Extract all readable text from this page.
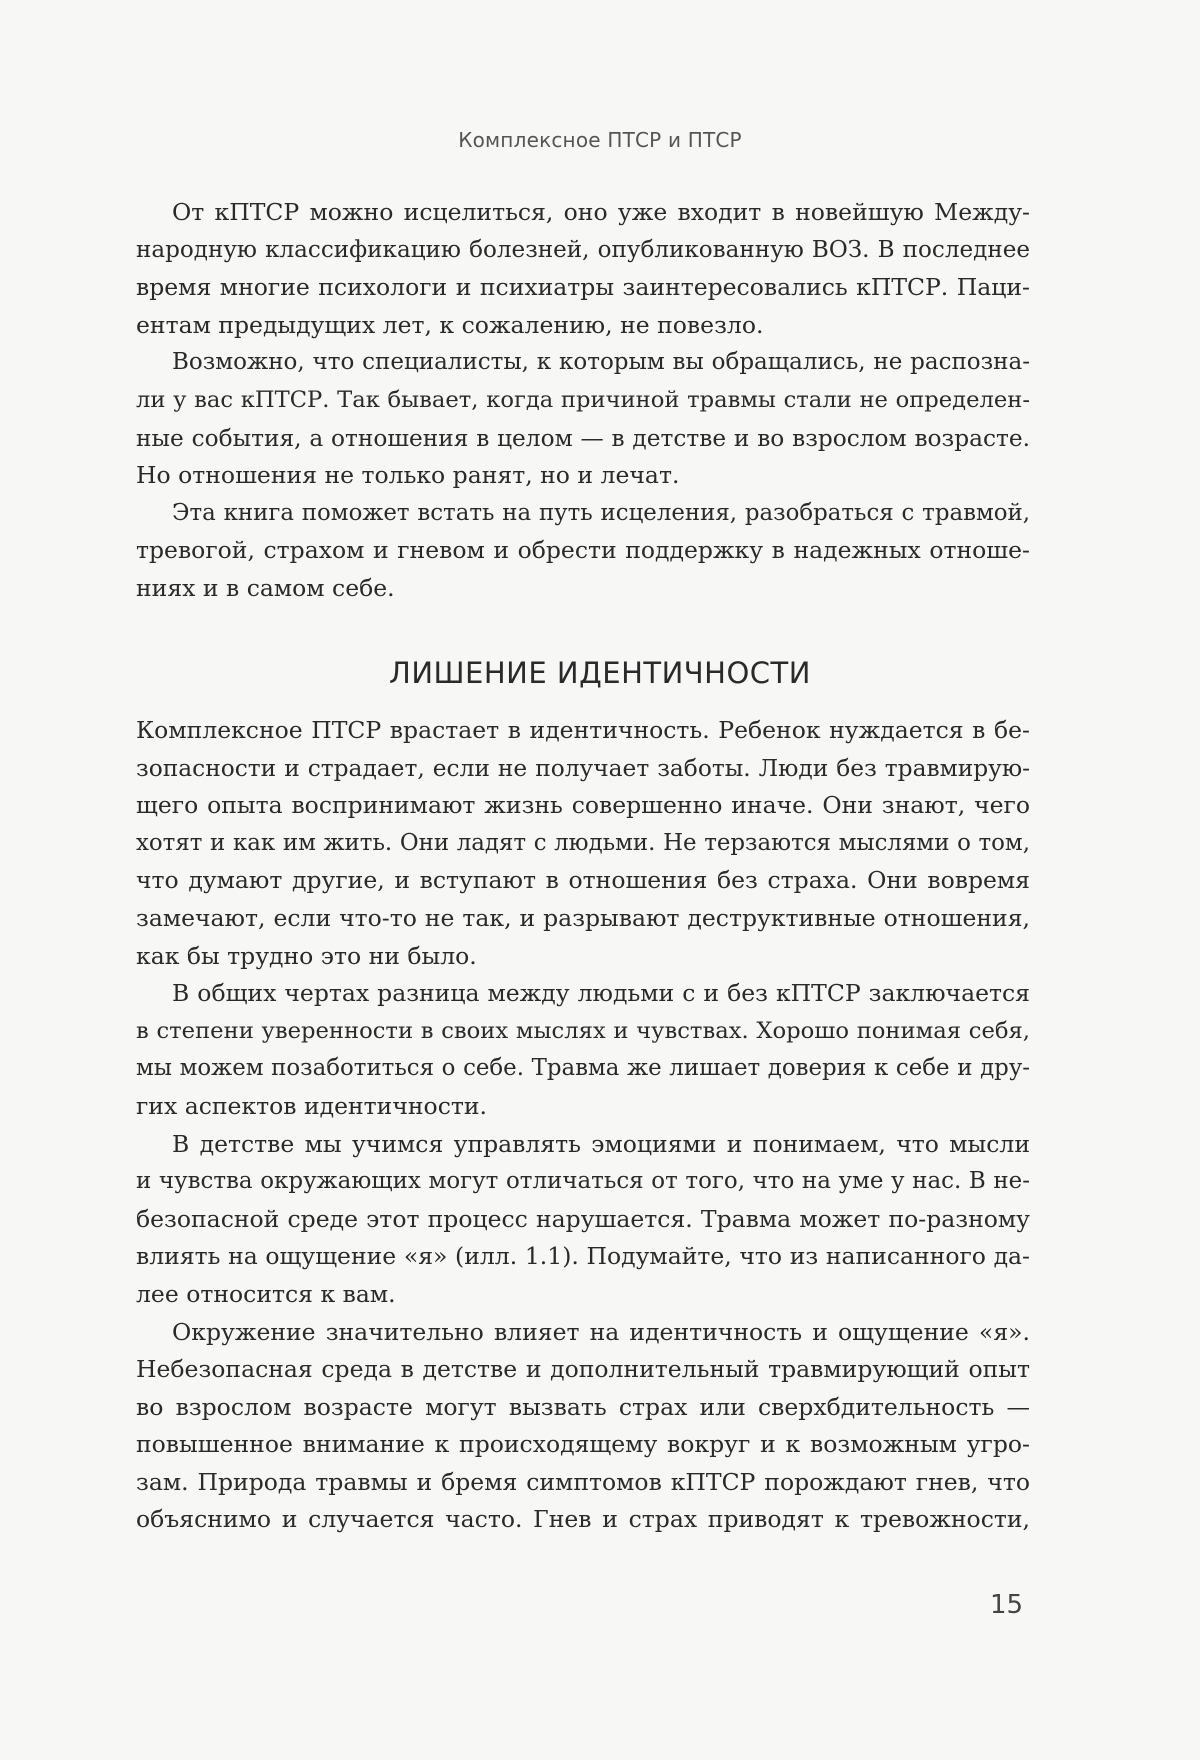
Комплексное ПТСР и ПТСР
От кПТСР можно исцелиться, оно уже входит в новейшую Между-
народную классификацию болезней, опубликованную ВОЗ. В последнее
время многие психологи и психиатры заинтересовались кПТСР. Паци-
ентам предыдущих лет, к сожалению, не повезло.
Возможно, что специалисты, к которым вы обращались, не распозна-
ли у вас кПТСР. Так бывает, когда причиной травмы стали не определен-
ные события, а отношения в целом — в детстве и во взрослом возрасте.
Но отношения не только ранят, но и лечат.
Эта книга поможет встать на путь исцеления, разобраться с травмой,
тревогой, страхом и гневом и обрести поддержку в надежных отноше-
ниях и в самом себе.
ЛИШЕНИЕ ИДЕНТИЧНОСТИ
Комплексное ПТСР врастает в идентичность. Ребенок нуждается в бе-
зопасности и страдает, если не получает заботы. Люди без травмирую-
щего опыта воспринимают жизнь совершенно иначе. Они знают, чего
хотят и как им жить. Они ладят с людьми. Не терзаются мыслями о том,
что думают другие, и вступают в отношения без страха. Они вовремя
замечают, если что-то не так, и разрывают деструктивные отношения,
как бы трудно это ни было.
В общих чертах разница между людьми с и без кПТСР заключается
в степени уверенности в своих мыслях и чувствах. Хорошо понимая себя,
мы можем позаботиться о себе. Травма же лишает доверия к себе и дру-
гих аспектов идентичности.
В детстве мы учимся управлять эмоциями и понимаем, что мысли
и чувства окружающих могут отличаться от того, что на уме у нас. В не-
безопасной среде этот процесс нарушается. Травма может по-разному
влиять на ощущение «я» (илл. 1.1). Подумайте, что из написанного да-
лее относится к вам.
Окружение значительно влияет на идентичность и ощущение «я».
Небезопасная среда в детстве и дополнительный травмирующий опыт
во взрослом возрасте могут вызвать страх или сверхбдительность —
повышенное внимание к происходящему вокруг и к возможным угро-
зам. Природа травмы и бремя симптомов кПТСР порождают гнев, что
объяснимо и случается часто. Гнев и страх приводят к тревожности,
15
